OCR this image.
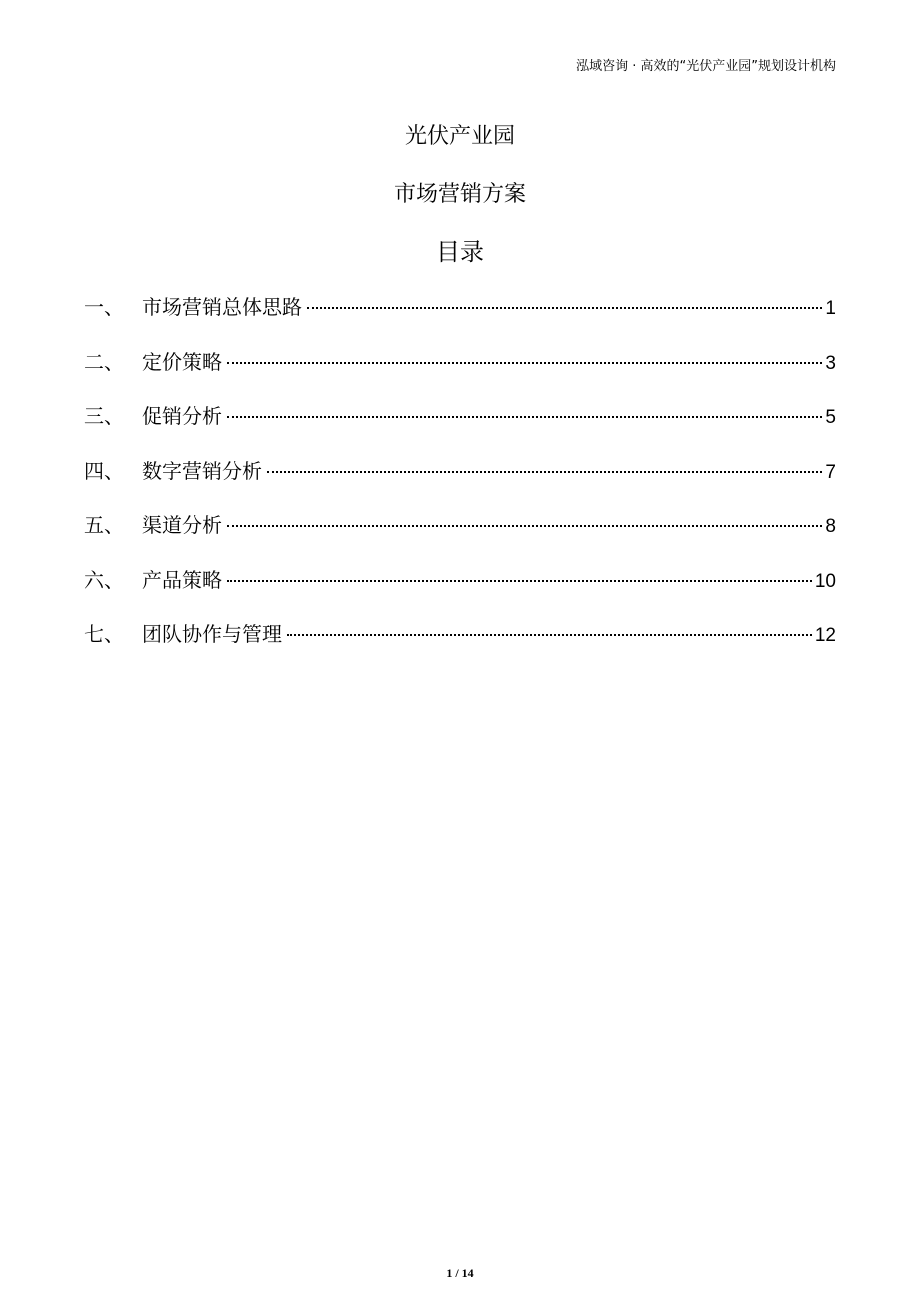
泓域咨询 · 高效的“光伏产业园”规划设计机构
光伏产业园
市场营销方案
目录
一、 市场营销总体思路	1
二、 定价策略	3
三、 促销分析	5
四、 数字营销分析	7
五、 渠道分析	8
六、 产品策略	10
七、 团队协作与管理	12
1 / 14
